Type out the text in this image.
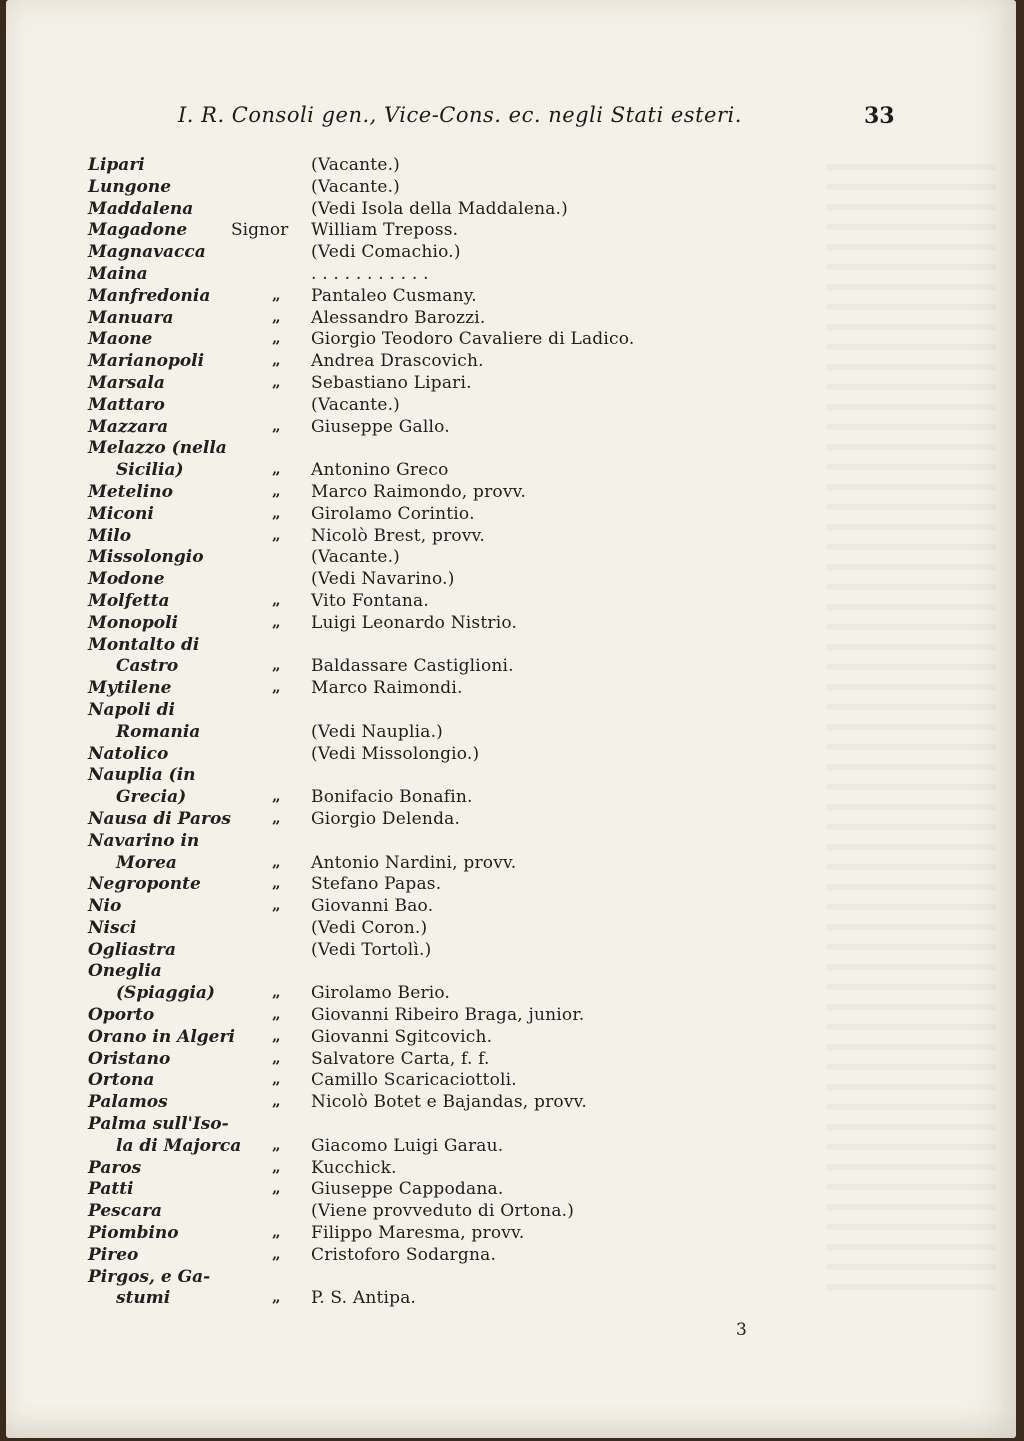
I. R. Consoli gen., Vice-Cons. ec. negli Stati esteri.	33
Lipari	(Vacante.)
Lungone	(Vacante.)
Maddalena	(Vedi Isola della Maddalena.)
Magadone	Signor William Treposs.
Magnavacca	(Vedi Comachio.)
Maina	. . . . . . . . . . .
Manfredonia	„ Pantaleo Cusmany.
Manuara	„ Alessandro Barozzi.
Maone	„ Giorgio Teodoro Cavaliere di Ladico.
Marianopoli	„ Andrea Drascovich.
Marsala	„ Sebastiano Lipari.
Mattaro	(Vacante.)
Mazzara	„ Giuseppe Gallo.
Melazzo (nella
Sicilia)	„ Antonino Greco
Metelino	„ Marco Raimondo, provv.
Miconi	„ Girolamo Corintio.
Milo	„ Nicolò Brest, provv.
Missolongio	(Vacante.)
Modone	(Vedi Navarino.)
Molfetta	„ Vito Fontana.
Monopoli	„ Luigi Leonardo Nistrio.
Montalto di
Castro	„ Baldassare Castiglioni.
Mytilene	„ Marco Raimondi.
Napoli di
Romania	(Vedi Nauplia.)
Natolico	(Vedi Missolongio.)
Nauplia (in
Grecia)	„ Bonifacio Bonafin.
Nausa di Paros	„ Giorgio Delenda.
Navarino in
Morea	„ Antonio Nardini, provv.
Negroponte	„ Stefano Papas.
Nio	„ Giovanni Bao.
Nisci	(Vedi Coron.)
Ogliastra	(Vedi Tortolì.)
Oneglia
(Spiaggia)	„ Girolamo Berio.
Oporto	„ Giovanni Ribeiro Braga, junior.
Orano in Algeri „ Giovanni Sgitcovich.
Oristano	„ Salvatore Carta, f. f.
Ortona	„ Camillo Scaricaciottoli.
Palamos	„ Nicolò Botet e Bajandas, provv.
Palma sull'Iso-
la di Majorca „ Giacomo Luigi Garau.
Paros	„ Kucchick.
Patti	„ Giuseppe Cappodana.
Pescara	(Viene provveduto di Ortona.)
Piombino	„ Filippo Maresma, provv.
Pireo	„ Cristoforo Sodargna.
Pirgos, e Ga-
stumi	„ P. S. Antipa.
3
